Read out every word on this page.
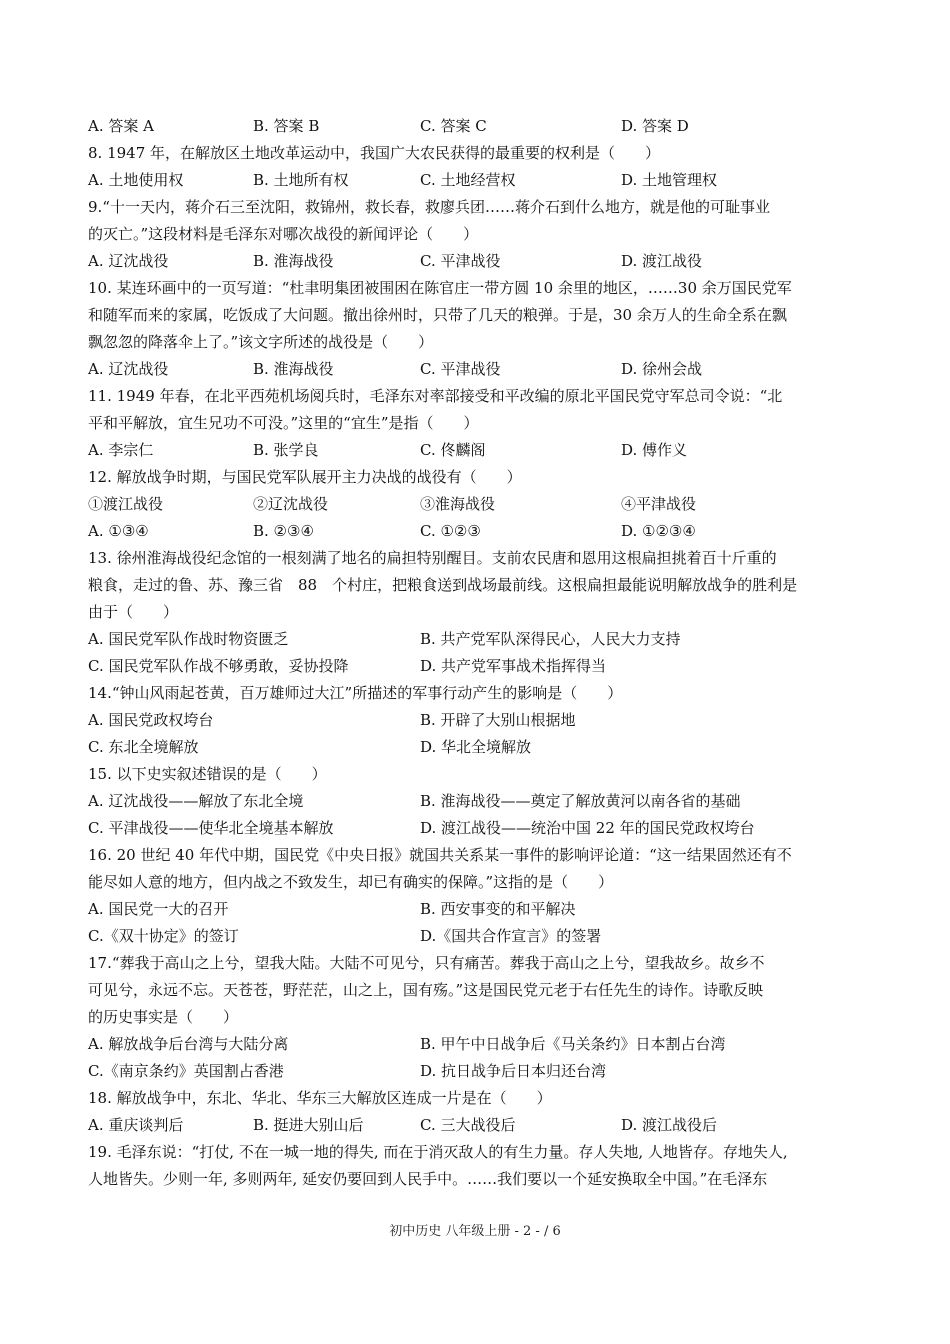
A. 答案 A	B. 答案 B	C. 答案 C	D. 答案 D
8. 1947 年，在解放区土地改革运动中，我国广大农民获得的最重要的权利是（　　）
A. 土地使用权	B. 土地所有权	C. 土地经营权	D. 土地管理权
9.“十一天内，蒋介石三至沈阳，救锦州，救长春，救廖兵团……蒋介石到什么地方，就是他的可耻事业
的灭亡。”这段材料是毛泽东对哪次战役的新闻评论（　　）
A. 辽沈战役	B. 淮海战役	C. 平津战役	D. 渡江战役
10. 某连环画中的一页写道：“杜聿明集团被围困在陈官庄一带方圆 10 余里的地区，……30 余万国民党军
和随军而来的家属，吃饭成了大问题。撤出徐州时，只带了几天的粮弹。于是，30 余万人的生命全系在飘
飘忽忽的降落伞上了。”该文字所述的战役是（　　）
A. 辽沈战役	B. 淮海战役	C. 平津战役	D. 徐州会战
11. 1949 年春，在北平西苑机场阅兵时，毛泽东对率部接受和平改编的原北平国民党守军总司令说：“北
平和平解放，宜生兄功不可没。”这里的“宜生”是指（　　）
A. 李宗仁	B. 张学良	C. 佟麟阁	D. 傅作义
12. 解放战争时期，与国民党军队展开主力决战的战役有（　　）
①渡江战役	②辽沈战役	③淮海战役	④平津战役
A. ①③④	B. ②③④	C. ①②③	D. ①②③④
13. 徐州淮海战役纪念馆的一根刻满了地名的扁担特别醒目。支前农民唐和恩用这根扁担挑着百十斤重的
粮食，走过的鲁、苏、豫三省　88　个村庄，把粮食送到战场最前线。这根扁担最能说明解放战争的胜利是
由于（　　）
A. 国民党军队作战时物资匮乏	B. 共产党军队深得民心，人民大力支持
C. 国民党军队作战不够勇敢，妥协投降	D. 共产党军事战术指挥得当
14.“钟山风雨起苍黄，百万雄师过大江”所描述的军事行动产生的影响是（　　）
A. 国民党政权垮台	B. 开辟了大别山根据地
C. 东北全境解放	D. 华北全境解放
15. 以下史实叙述错误的是（　　）
A. 辽沈战役——解放了东北全境	B. 淮海战役——奠定了解放黄河以南各省的基础
C. 平津战役——使华北全境基本解放	D. 渡江战役——统治中国 22 年的国民党政权垮台
16. 20 世纪 40 年代中期，国民党《中央日报》就国共关系某一事件的影响评论道：“这一结果固然还有不
能尽如人意的地方，但内战之不致发生，却已有确实的保障。”这指的是（　　）
A. 国民党一大的召开	B. 西安事变的和平解决
C.《双十协定》的签订	D.《国共合作宣言》的签署
17.“葬我于高山之上兮，望我大陆。大陆不可见兮，只有痛苦。葬我于高山之上兮，望我故乡。故乡不
可见兮，永远不忘。天苍苍，野茫茫，山之上，国有殇。”这是国民党元老于右任先生的诗作。诗歌反映
的历史事实是（　　）
A. 解放战争后台湾与大陆分离	B. 甲午中日战争后《马关条约》日本割占台湾
C.《南京条约》英国割占香港	D. 抗日战争后日本归还台湾
18. 解放战争中，东北、华北、华东三大解放区连成一片是在（　　）
A. 重庆谈判后	B. 挺进大别山后	C. 三大战役后	D. 渡江战役后
19. 毛泽东说：“打仗, 不在一城一地的得失, 而在于消灭敌人的有生力量。存人失地, 人地皆存。存地失人,
人地皆失。少则一年, 多则两年, 延安仍要回到人民手中。……我们要以一个延安换取全中国。”在毛泽东
初中历史 八年级上册 - 2 - / 6
